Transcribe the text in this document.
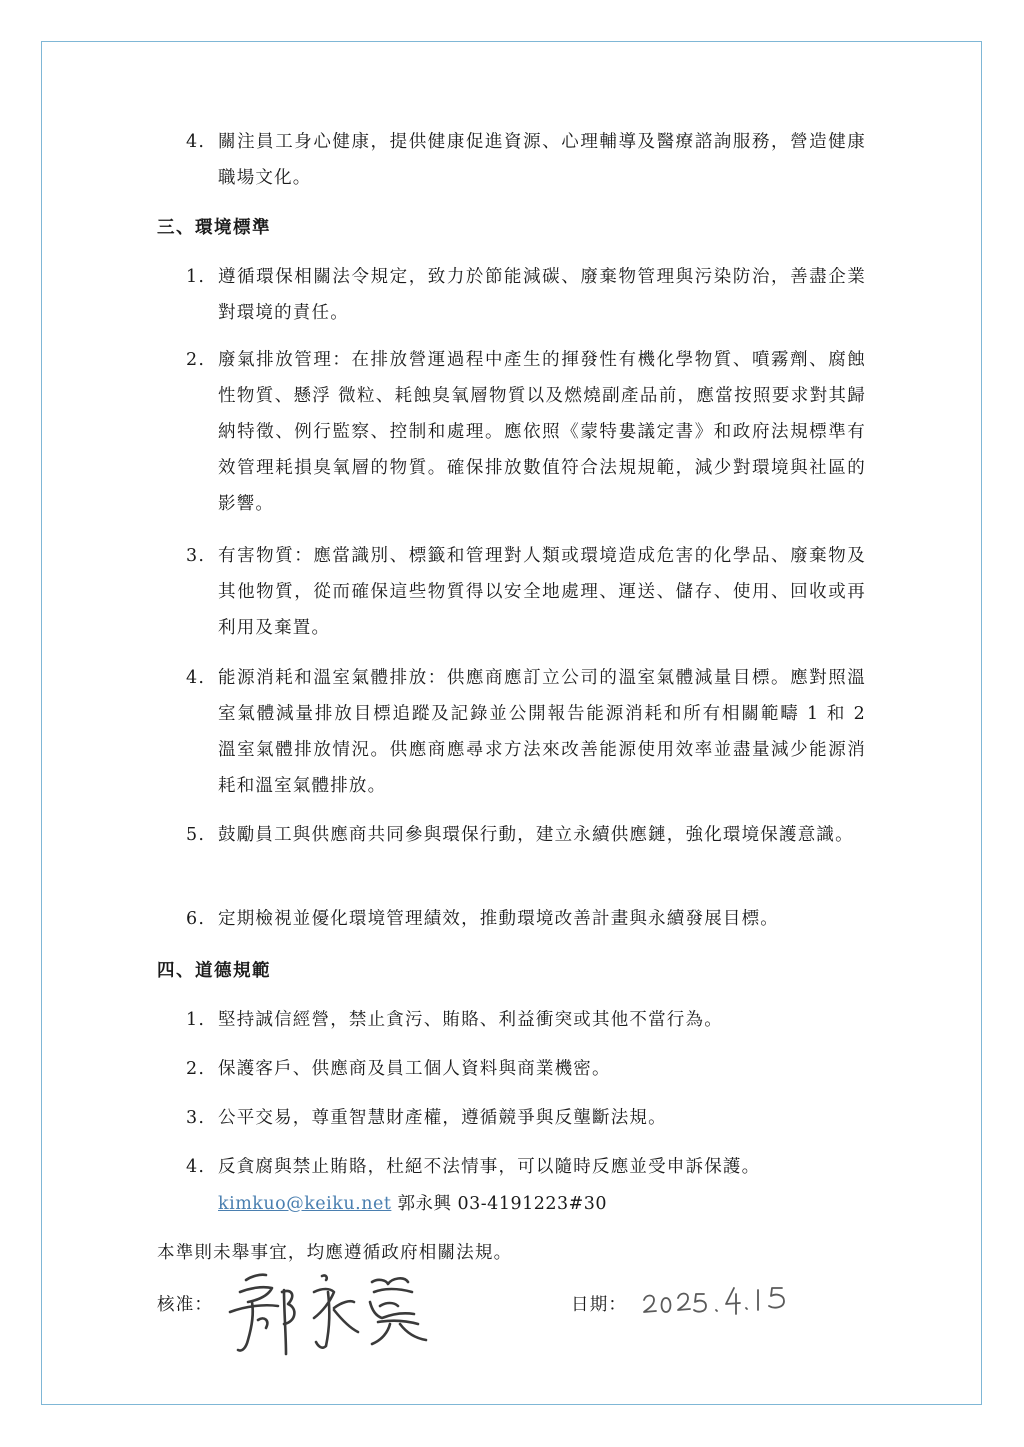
4. 關注員工身心健康，提供健康促進資源、心理輔導及醫療諮詢服務，營造健康職場文化。
三、環境標準
1. 遵循環保相關法令規定，致力於節能減碳、廢棄物管理與污染防治，善盡企業對環境的責任。
2. 廢氣排放管理：在排放營運過程中產生的揮發性有機化學物質、噴霧劑、腐蝕性物質、懸浮 微粒、耗蝕臭氧層物質以及燃燒副產品前，應當按照要求對其歸納特徵、例行監察、控制和處理。應依照《蒙特婁議定書》和政府法規標準有效管理耗損臭氧層的物質。確保排放數值符合法規規範，減少對環境與社區的影響。
3. 有害物質：應當識別、標籤和管理對人類或環境造成危害的化學品、廢棄物及其他物質，從而確保這些物質得以安全地處理、運送、儲存、使用、回收或再利用及棄置。
4. 能源消耗和溫室氣體排放：供應商應訂立公司的溫室氣體減量目標。應對照溫室氣體減量排放目標追蹤及記錄並公開報告能源消耗和所有相關範疇 1 和 2 溫室氣體排放情況。供應商應尋求方法來改善能源使用效率並盡量減少能源消耗和溫室氣體排放。
5. 鼓勵員工與供應商共同參與環保行動，建立永續供應鏈，強化環境保護意識。
6. 定期檢視並優化環境管理績效，推動環境改善計畫與永續發展目標。
四、道德規範
1. 堅持誠信經營，禁止貪污、賄賂、利益衝突或其他不當行為。
2. 保護客戶、供應商及員工個人資料與商業機密。
3. 公平交易，尊重智慧財產權，遵循競爭與反壟斷法規。
4. 反貪腐與禁止賄賂，杜絕不法情事，可以隨時反應並受申訴保護。
kimkuo@keiku.net 郭永興 03-4191223#30
本準則未舉事宜，均應遵循政府相關法規。
核准：	日期：
